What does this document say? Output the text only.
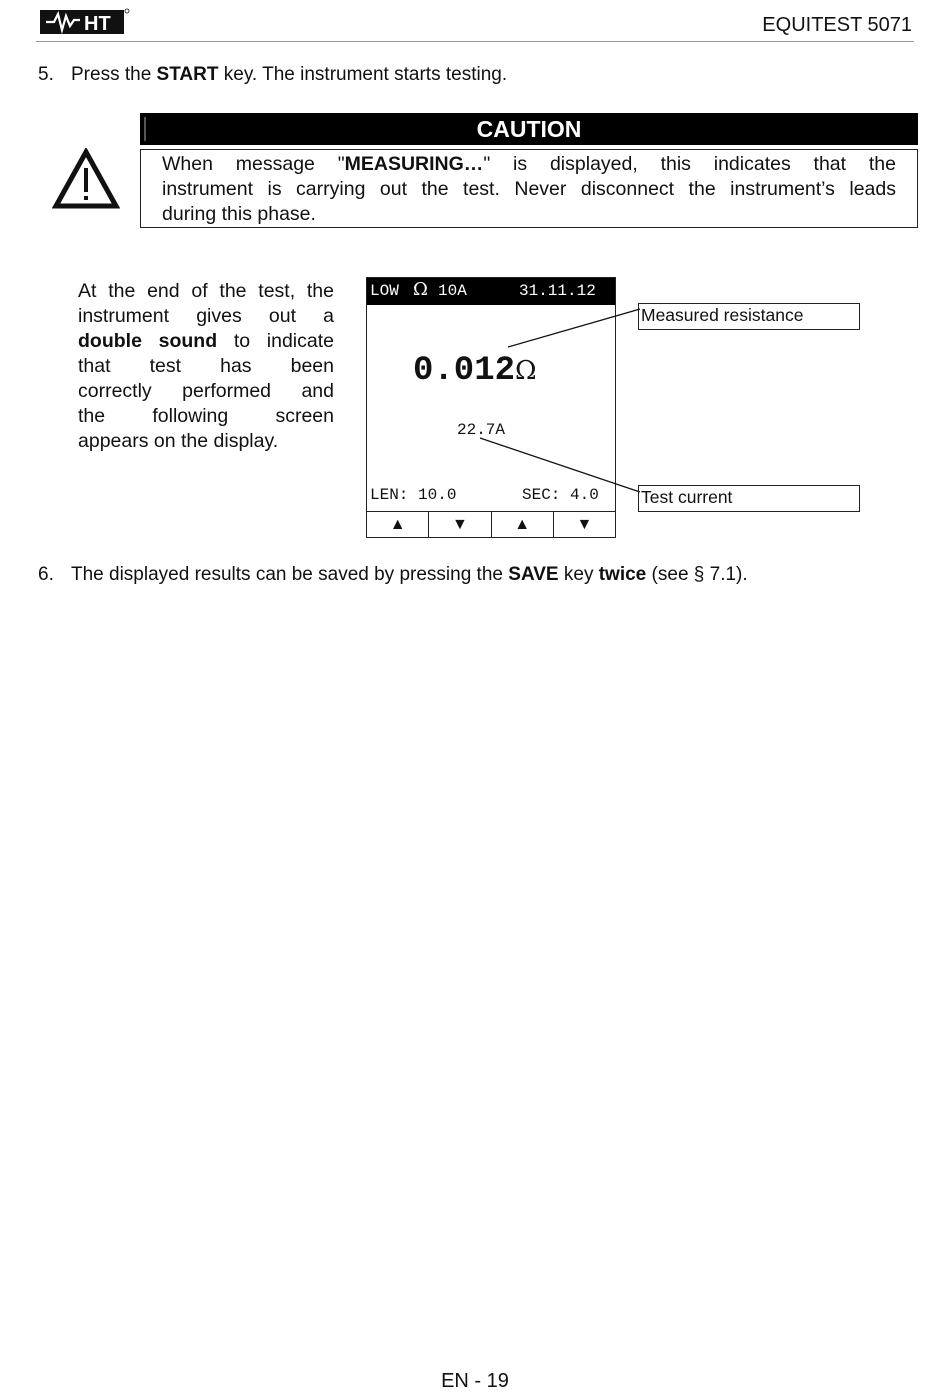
HT	EQUITEST 5071
5. Press the START key. The instrument starts testing.
CAUTION
When message "MEASURING…" is displayed, this indicates that the
instrument is carrying out the test. Never disconnect the instrument’s leads
during this phase.
At the end of the test, the
instrument gives out a
double sound to indicate
that test has been
correctly performed and
the following screen
appears on the display.
LOW Ω 10A	31.11.12
0.012Ω
22.7A
LEN: 10.0	SEC: 4.0
▲	▼	▲	▼
Measured resistance
Test current
6. The displayed results can be saved by pressing the SAVE key twice (see § 7.1).
EN - 19
